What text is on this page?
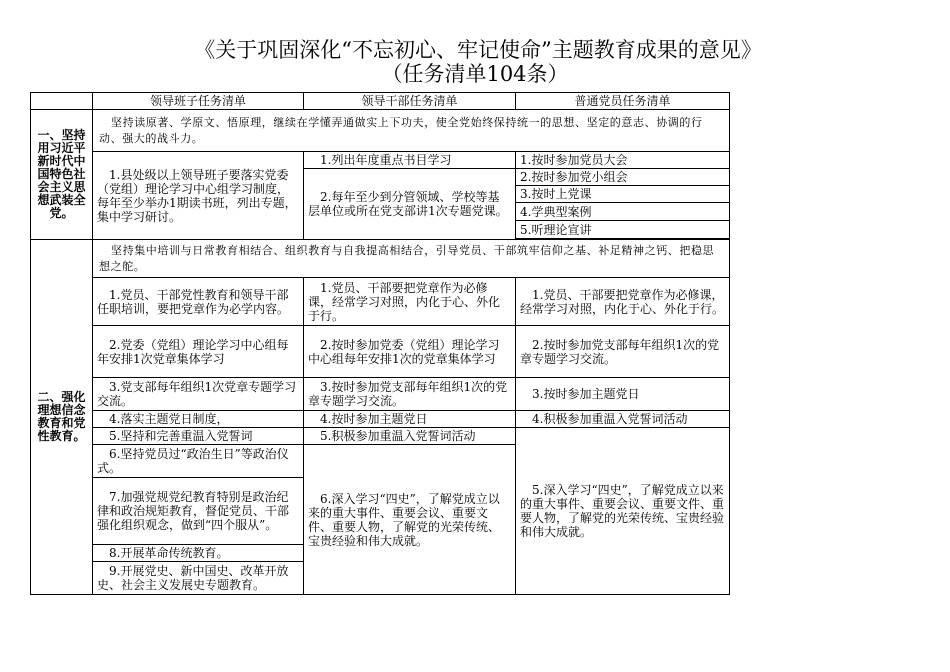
《关于巩固深化“不忘初心、牢记使命”主题教育成果的意见》
（任务清单104条）
	领导班子任务清单	领导干部任务清单	普通党员任务清单
一、坚持用习近平新时代中国特色社会主义思想武装全党。	坚持读原著、学原文、悟原理，继续在学懂弄通做实上下功夫，使全党始终保持统一的思想、坚定的意志、协调的行动、强大的战斗力。		
	1.县处级以上领导班子要落实党委（党组）理论学习中心组学习制度，每年至少举办1期读书班，列出专题，集中学习研讨。	1.列出年度重点书目学习	1.按时参加党员大会
		2.每年至少到分管领域、学校等基层单位或所在党支部讲1次专题党课。	2.按时参加党小组会
			3.按时上党课
			4.学典型案例
			5.听理论宣讲

二、强化理想信念教育和党性教育。	坚持集中培训与日常教育相结合、组织教育与自我提高相结合，引导党员、干部筑牢信仰之基、补足精神之钙、把稳思想之舵。		
	1.党员、干部党性教育和领导干部任职培训，要把党章作为必学内容。	1.党员、干部要把党章作为必修课，经常学习对照，内化于心、外化于行。	1.党员、干部要把党章作为必修课，经常学习对照，内化于心、外化于行。
	2.党委（党组）理论学习中心组每年安排1次党章集体学习	2.按时参加党委（党组）理论学习中心组每年安排1次的党章集体学习	2.按时参加党支部每年组织1次的党章专题学习交流。
	3.党支部每年组织1次党章专题学习交流。	3.按时参加党支部每年组织1次的党章专题学习交流。	3.按时参加主题党日
	4.落实主题党日制度，	4.按时参加主题党日	4.积极参加重温入党誓词活动
	5.坚持和完善重温入党誓词	5.积极参加重温入党誓词活动	5.深入学习“四史”，了解党成立以来的重大事件、重要会议、重要文件、重要人物，了解党的光荣传统、宝贵经验和伟大成就。
	6.坚持党员过“政治生日”等政治仪式。	6.深入学习“四史”，了解党成立以来的重大事件、重要会议、重要文件、重要人物，了解党的光荣传统、宝贵经验和伟大成就。	
	7.加强党规党纪教育特别是政治纪律和政治规矩教育，督促党员、干部强化组织观念，做到“四个服从”。		
	8.开展革命传统教育。		
	9.开展党史、新中国史、改革开放史、社会主义发展史专题教育。		
